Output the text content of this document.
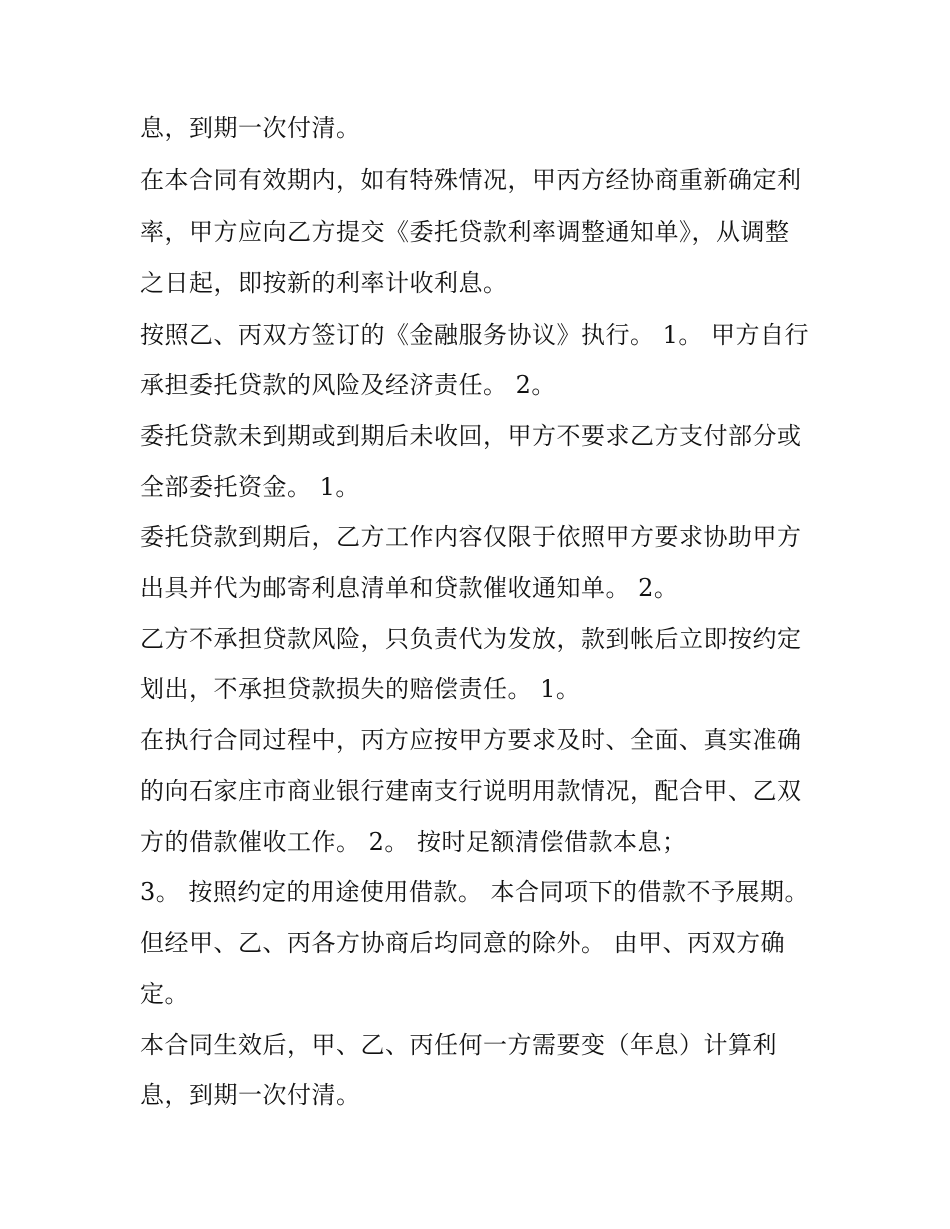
息，到期一次付清。
在本合同有效期内，如有特殊情况，甲丙方经协商重新确定利
率，甲方应向乙方提交《委托贷款利率调整通知单》，从调整
之日起，即按新的利率计收利息。
按照乙、丙双方签订的《金融服务协议》执行。 1。 甲方自行
承担委托贷款的风险及经济责任。 2。
委托贷款未到期或到期后未收回，甲方不要求乙方支付部分或
全部委托资金。 1。
委托贷款到期后，乙方工作内容仅限于依照甲方要求协助甲方
出具并代为邮寄利息清单和贷款催收通知单。 2。
乙方不承担贷款风险，只负责代为发放，款到帐后立即按约定
划出，不承担贷款损失的赔偿责任。 1。
在执行合同过程中，丙方应按甲方要求及时、全面、真实准确
的向石家庄市商业银行建南支行说明用款情况，配合甲、乙双
方的借款催收工作。 2。 按时足额清偿借款本息；
3。 按照约定的用途使用借款。 本合同项下的借款不予展期。
但经甲、乙、丙各方协商后均同意的除外。 由甲、丙双方确
定。
本合同生效后，甲、乙、丙任何一方需要变（年息）计算利
息，到期一次付清。
